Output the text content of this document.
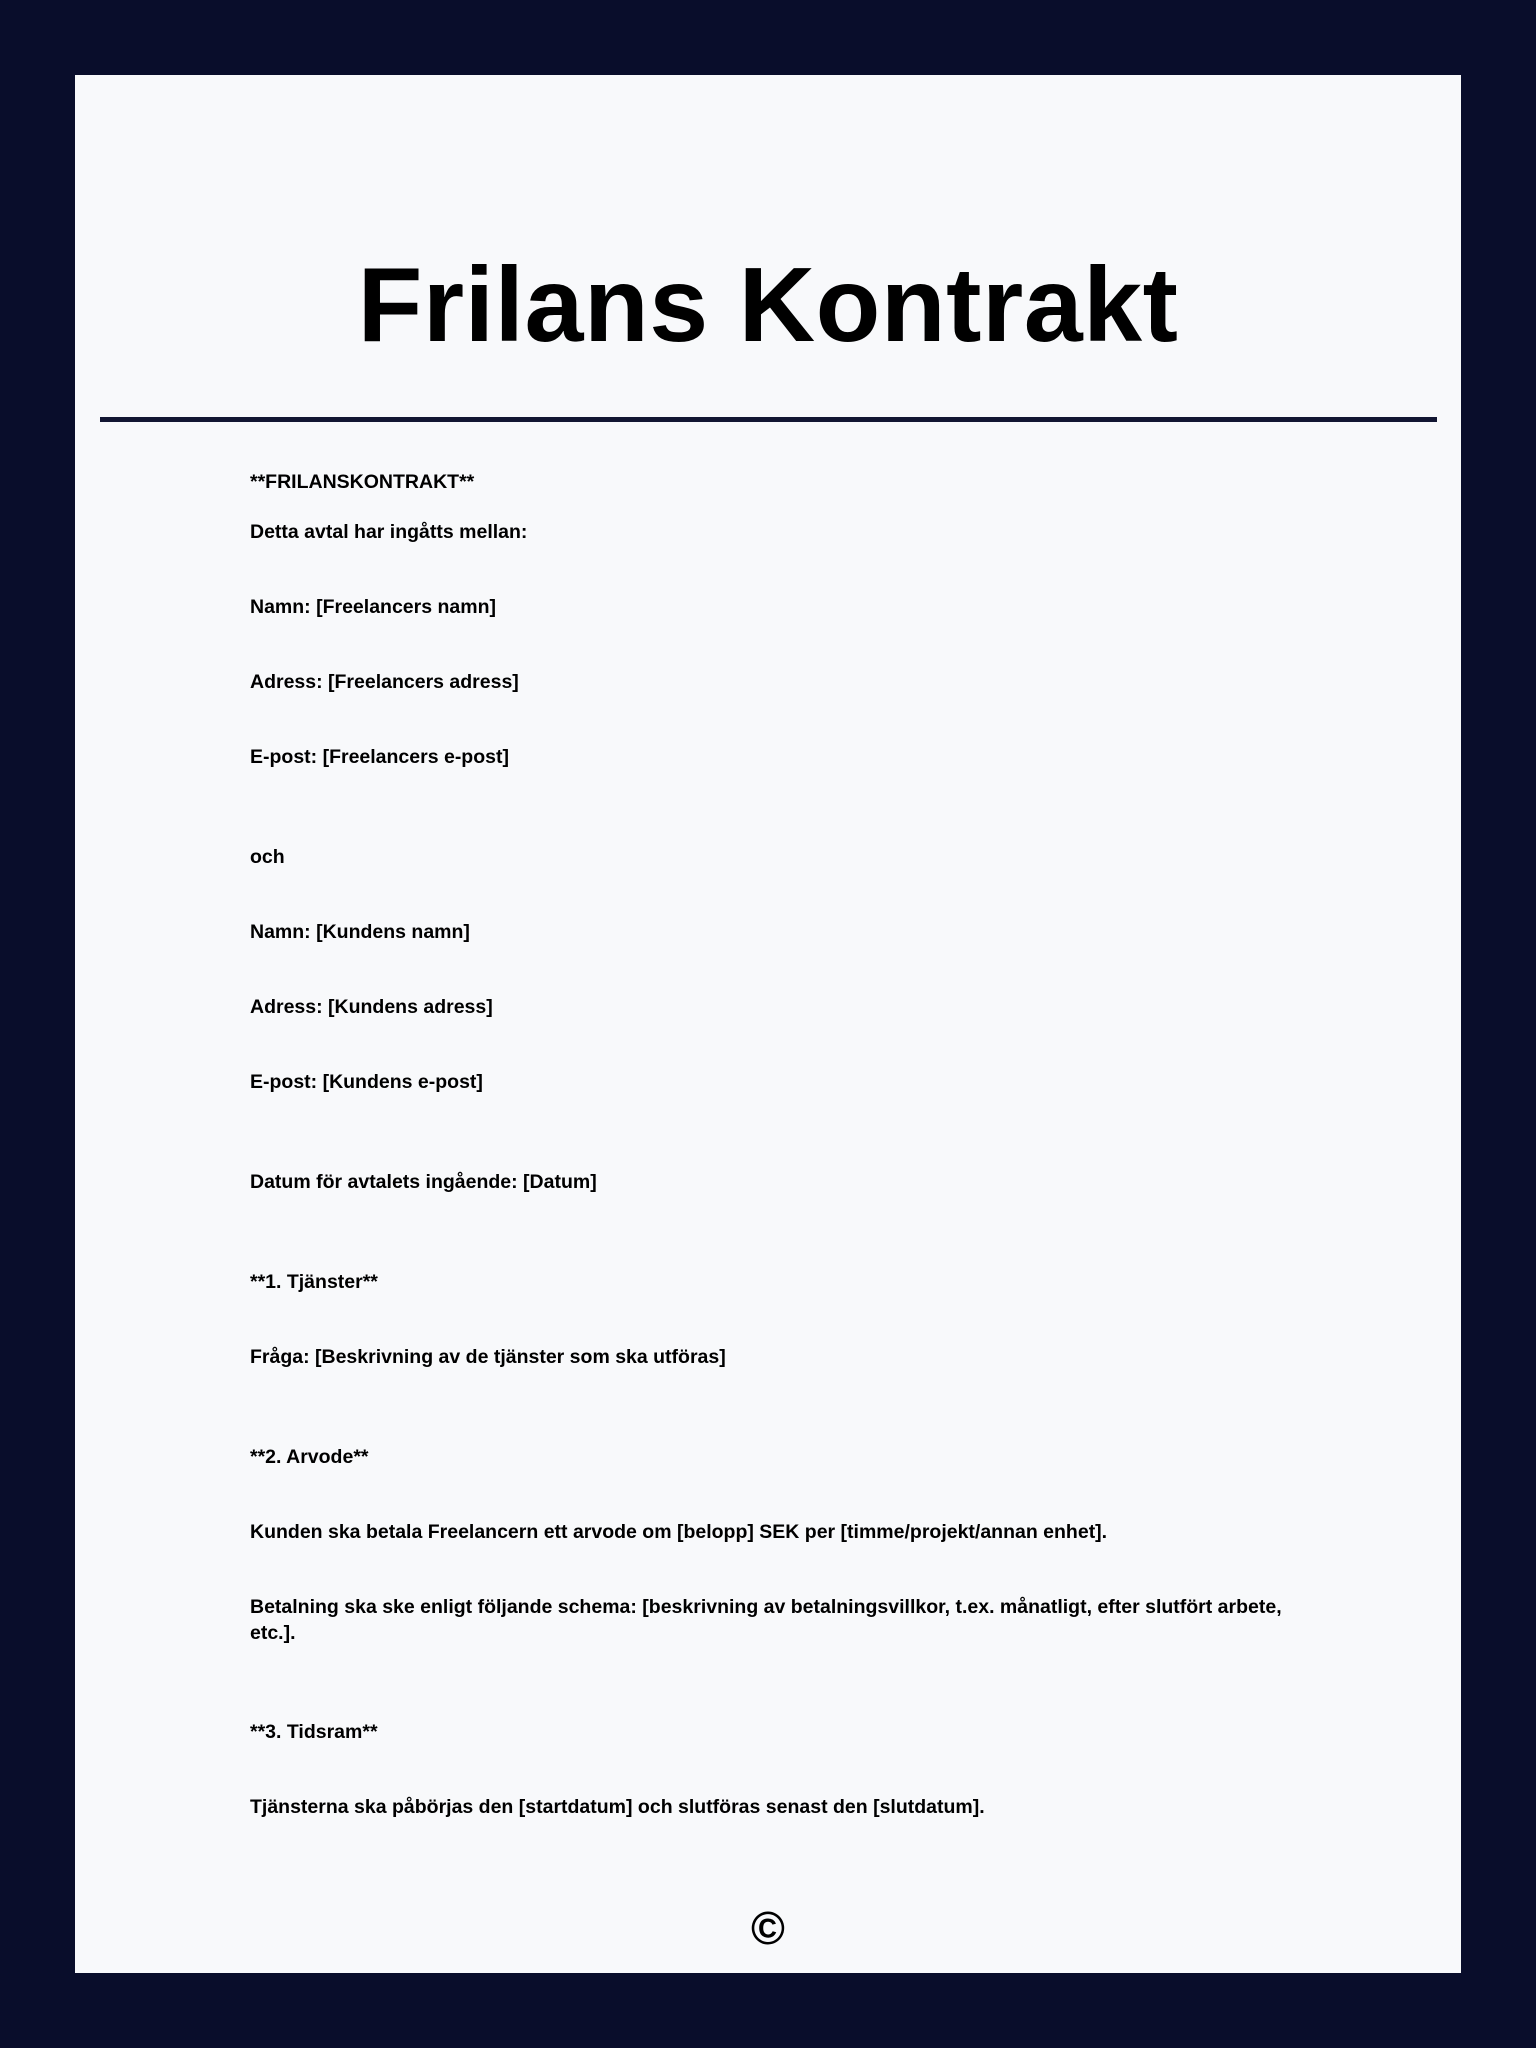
Frilans Kontrakt

**FRILANSKONTRAKT**

Detta avtal har ingåtts mellan:

Namn: [Freelancers namn]

Adress: [Freelancers adress]

E-post: [Freelancers e-post]

och

Namn: [Kundens namn]

Adress: [Kundens adress]

E-post: [Kundens e-post]

Datum för avtalets ingående: [Datum]

**1. Tjänster**

Fråga: [Beskrivning av de tjänster som ska utföras]

**2. Arvode**

Kunden ska betala Freelancern ett arvode om [belopp] SEK per [timme/projekt/annan enhet].

Betalning ska ske enligt följande schema: [beskrivning av betalningsvillkor, t.ex. månatligt, efter slutfört arbete, etc.].

**3. Tidsram**

Tjänsterna ska påbörjas den [startdatum] och slutföras senast den [slutdatum].

©
